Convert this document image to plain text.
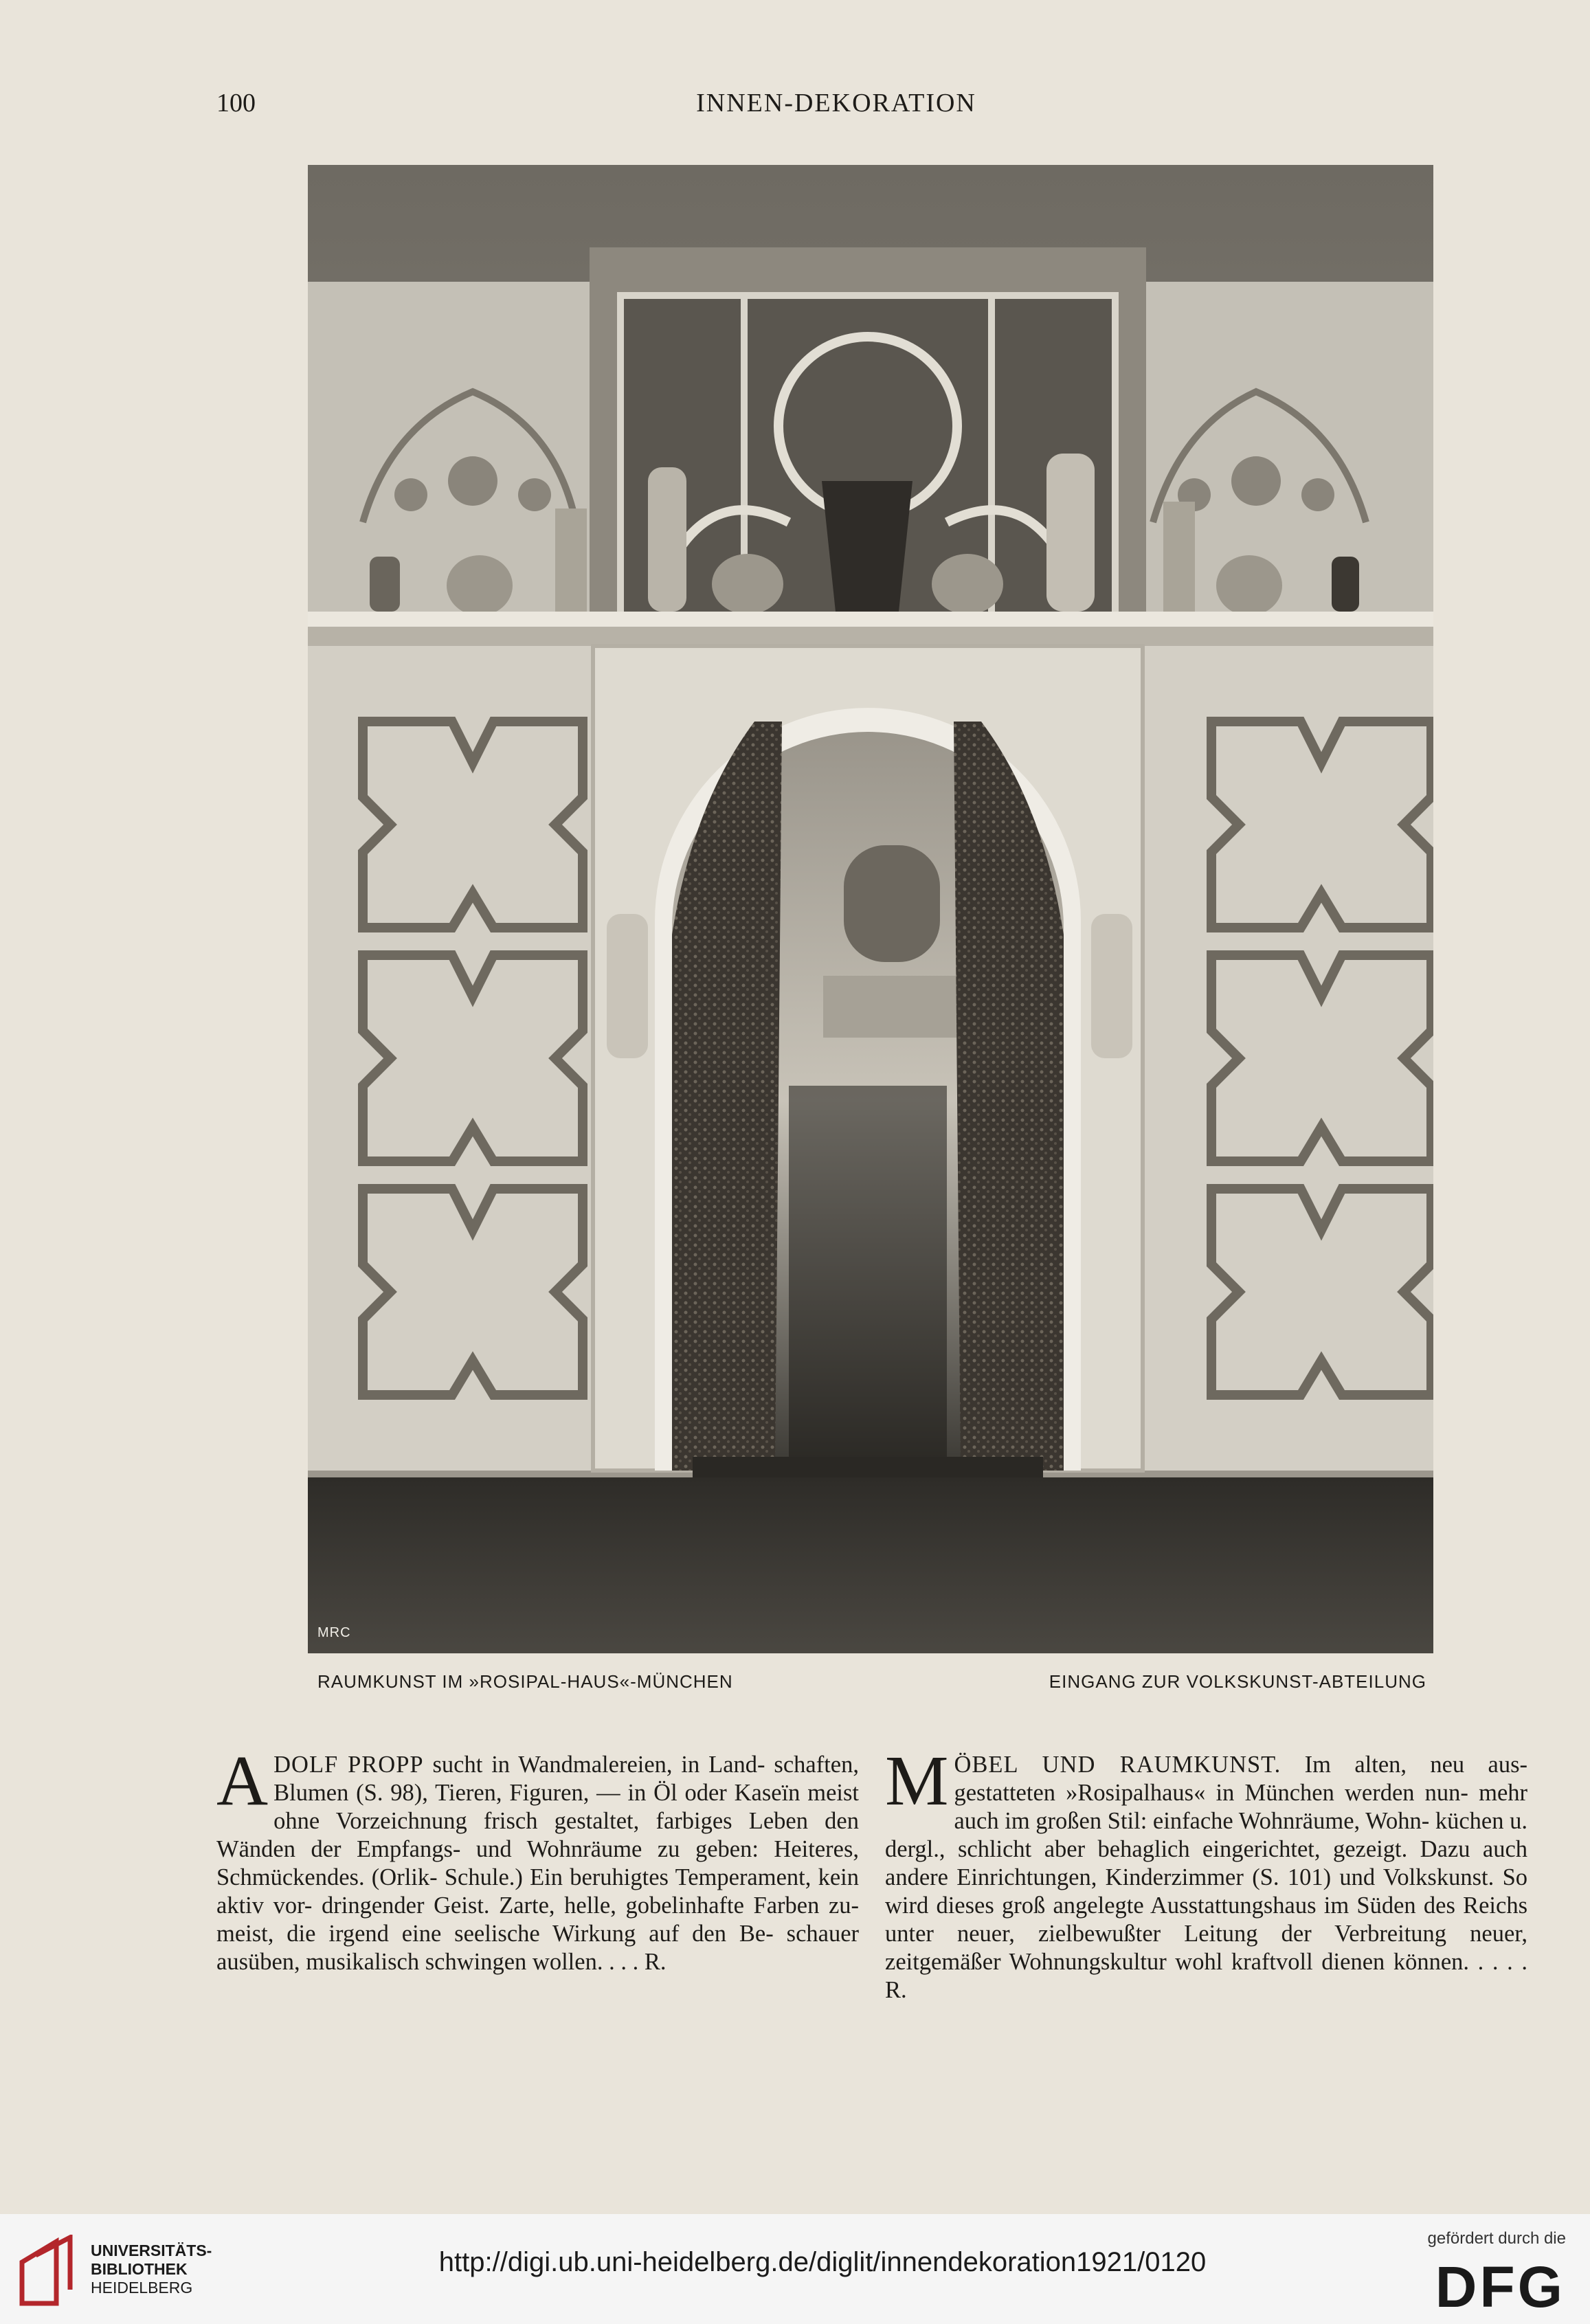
100	INNEN-DEKORATION
MRC
RAUMKUNST IM »ROSIPAL-HAUS«-MÜNCHEN	EINGANG ZUR VOLKSKUNST-ABTEILUNG
A DOLF PROPP sucht in Wandmalereien, in Land- schaften, Blumen (S. 98), Tieren, Figuren, — in Öl oder Kaseïn meist ohne Vorzeichnung frisch gestaltet, farbiges Leben den Wänden der Empfangs- und Wohnräume zu geben: Heiteres, Schmückendes. (Orlik- Schule.) Ein beruhigtes Temperament, kein aktiv vor- dringender Geist. Zarte, helle, gobelinhafte Farben zu- meist, die irgend eine seelische Wirkung auf den Be- schauer ausüben, musikalisch schwingen wollen. . . . R.

M ÖBEL UND RAUMKUNST. Im alten, neu aus- gestatteten »Rosipalhaus« in München werden nun- mehr auch im großen Stil: einfache Wohnräume, Wohn- küchen u. dergl., schlicht aber behaglich eingerichtet, gezeigt. Dazu auch andere Einrichtungen, Kinderzimmer (S. 101) und Volkskunst. So wird dieses groß angelegte Ausstattungshaus im Süden des Reichs unter neuer, zielbewußter Leitung der Verbreitung neuer, zeitgemäßer Wohnungskultur wohl kraftvoll dienen können. . . . . R.

UNIVERSITÄTS-
BIBLIOTHEK
HEIDELBERG
http://digi.ub.uni-heidelberg.de/diglit/innendekoration1921/0120
gefördert durch die
DFG
